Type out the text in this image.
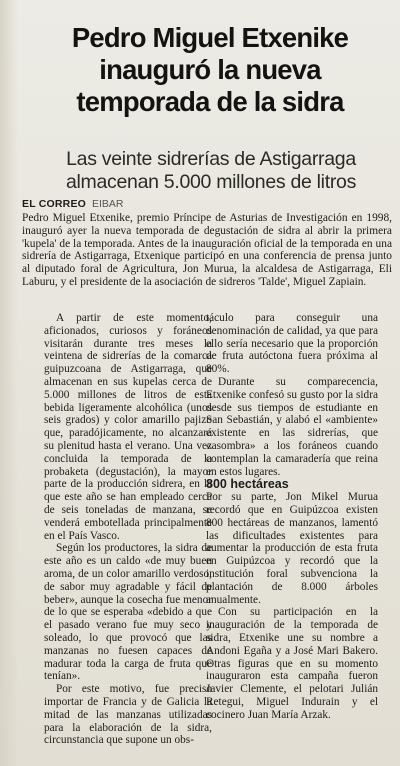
Pedro Miguel Etxenike inauguró la nueva temporada de la sidra
Las veinte sidrerías de Astigarraga almacenan 5.000 millones de litros
EL CORREO EIBAR
Pedro Miguel Etxenike, premio Príncipe de Asturias de Investigación en 1998, inauguró ayer la nueva temporada de degustación de sidra al abrir la primera 'kupela' de la temporada. Antes de la inauguración oficial de la temporada en una sidrería de Astigarraga, Etxenique participó en una conferencia de prensa junto al diputado foral de Agricultura, Jon Murua, la alcaldesa de Astigarraga, Eli Laburu, y el presidente de la asociación de sidreros 'Talde', Miguel Zapiain.

A partir de este momento, aficionados, curiosos y foráneos visitarán durante tres meses la veintena de sidrerías de la comarca guipuzcoana de Astigarraga, que almacenan en sus kupelas cerca de 5.000 millones de litros de esta bebida ligeramente alcohólica (unos seis grados) y color amarillo pajizo que, paradójicamente, no alcanzará su plenitud hasta el verano. Una vez concluida la temporada de la probaketa (degustación), la mayor parte de la producción sidrera, en la que este año se han empleado cerca de seis toneladas de manzana, se venderá embotellada principalmente en el País Vasco.

Según los productores, la sidra de este año es un caldo «de muy buen aroma, de un color amarillo verdoso, de sabor muy agradable y fácil de beber», aunque la cosecha fue menor de lo que se esperaba «debido a que el pasado verano fue muy seco y soleado, lo que provocó que las manzanas no fuesen capaces de madurar toda la carga de fruta que tenían».

Por este motivo, fue preciso importar de Francia y de Galicia la mitad de las manzanas utilizadas para la elaboración de la sidra, circunstancia que supone un obs-

táculo para conseguir una denominación de calidad, ya que para ello sería necesario que la proporción de fruta autóctona fuera próxima al 80%.

Durante su comparecencia, Etxenike confesó su gusto por la sidra desde sus tiempos de estudiante en San Sebastián, y alabó el «ambiente» existente en las sidrerías, que «asombra» a los foráneos cuando contemplan la camaradería que reina en estos lugares.

800 hectáreas

Por su parte, Jon Mikel Murua recordó que en Guipúzcoa existen 800 hectáreas de manzanos, lamentó las dificultades existentes para aumentar la producción de esta fruta en Guipúzcoa y recordó que la institución foral subvenciona la plantación de 8.000 árboles anualmente.

Con su participación en la inauguración de la temporada de sidra, Etxenike une su nombre a Andoni Egaña y a José Mari Bakero. Otras figuras que en su momento inauguraron esta campaña fueron Javier Clemente, el pelotari Julián Retegui, Miguel Indurain y el cocinero Juan María Arzak.
